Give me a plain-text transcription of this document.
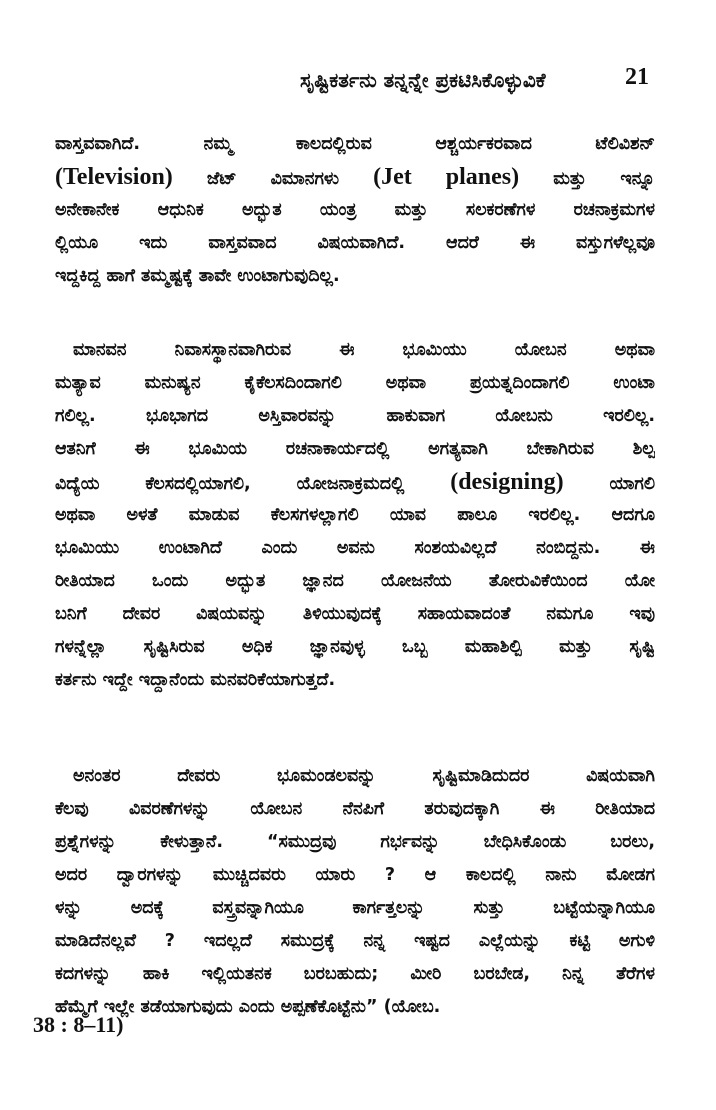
ಸೃಷ್ಟಿಕರ್ತನು ತನ್ನನ್ನೇ ಪ್ರಕಟಿಸಿಕೊಳ್ಳುವಿಕೆ	21
ವಾಸ್ತವವಾಗಿದೆ. ನಮ್ಮ ಕಾಲದಲ್ಲಿರುವ ಆಶ್ಚರ್ಯಕರವಾದ ಟೆಲಿವಿಶನ್
(Television) ಜೆಟ್ ವಿಮಾನಗಳು (Jet planes) ಮತ್ತು ಇನ್ನೂ
ಅನೇಕಾನೇಕ ಆಧುನಿಕ ಅದ್ಭುತ ಯಂತ್ರ ಮತ್ತು ಸಲಕರಣೆಗಳ ರಚನಾಕ್ರಮಗಳ
ಲ್ಲಿಯೂ ಇದು ವಾಸ್ತವವಾದ ವಿಷಯವಾಗಿದೆ. ಆದರೆ ಈ ವಸ್ತುಗಳೆಲ್ಲವೂ
ಇದ್ದಕಿದ್ದ ಹಾಗೆ ತಮ್ಮಷ್ಟಕ್ಕೆ ತಾವೇ ಉಂಟಾಗುವುದಿಲ್ಲ.
ಮಾನವನ ನಿವಾಸಸ್ಥಾನವಾಗಿರುವ ಈ ಭೂಮಿಯು ಯೋಬನ ಅಥವಾ
ಮತ್ಯಾವ ಮನುಷ್ಯನ ಕೈಕೆಲಸದಿಂದಾಗಲಿ ಅಥವಾ ಪ್ರಯತ್ನದಿಂದಾಗಲಿ ಉಂಟಾ
ಗಲಿಲ್ಲ. ಭೂಭಾಗದ ಅಸ್ತಿವಾರವನ್ನು ಹಾಕುವಾಗ ಯೋಬನು ಇರಲಿಲ್ಲ.
ಆತನಿಗೆ ಈ ಭೂಮಿಯ ರಚನಾಕಾರ್ಯದಲ್ಲಿ ಅಗತ್ಯವಾಗಿ ಬೇಕಾಗಿರುವ ಶಿಲ್ಪ
ವಿದ್ಯೆಯ ಕೆಲಸದಲ್ಲಿಯಾಗಲಿ, ಯೋಜನಾಕ್ರಮದಲ್ಲಿ (designing) ಯಾಗಲಿ
ಅಥವಾ ಅಳತೆ ಮಾಡುವ ಕೆಲಸಗಳಲ್ಲಾಗಲಿ ಯಾವ ಪಾಲೂ ಇರಲಿಲ್ಲ. ಆದಗೂ
ಭೂಮಿಯು ಉಂಟಾಗಿದೆ ಎಂದು ಅವನು ಸಂಶಯವಿಲ್ಲದೆ ನಂಬಿದ್ದನು. ಈ
ರೀತಿಯಾದ ಒಂದು ಅದ್ಭುತ ಜ್ಞಾನದ ಯೋಜನೆಯ ತೋರುವಿಕೆಯಿಂದ ಯೋ
ಬನಿಗೆ ದೇವರ ವಿಷಯವನ್ನು ತಿಳಿಯುವುದಕ್ಕೆ ಸಹಾಯವಾದಂತೆ ನಮಗೂ ಇವು
ಗಳನ್ನೆಲ್ಲಾ ಸೃಷ್ಟಿಸಿರುವ ಅಧಿಕ ಜ್ಞಾನವುಳ್ಳ ಒಬ್ಬ ಮಹಾಶಿಲ್ಪಿ ಮತ್ತು ಸೃಷ್ಟಿ
ಕರ್ತನು ಇದ್ದೇ ಇದ್ದಾನೆಂದು ಮನವರಿಕೆಯಾಗುತ್ತದೆ.
ಅನಂತರ ದೇವರು ಭೂಮಂಡಲವನ್ನು ಸೃಷ್ಟಿಮಾಡಿದುದರ ವಿಷಯವಾಗಿ
ಕೆಲವು ವಿವರಣೆಗಳನ್ನು ಯೋಬನ ನೆನಪಿಗೆ ತರುವುದಕ್ಕಾಗಿ ಈ ರೀತಿಯಾದ
ಪ್ರಶ್ನೆಗಳನ್ನು ಕೇಳುತ್ತಾನೆ. “ಸಮುದ್ರವು ಗರ್ಭವನ್ನು ಬೇಧಿಸಿಕೊಂಡು ಬರಲು,
ಅದರ ದ್ವಾರಗಳನ್ನು ಮುಚ್ಚಿದವರು ಯಾರು ? ಆ ಕಾಲದಲ್ಲಿ ನಾನು ಮೋಡಗ
ಳನ್ನು ಅದಕ್ಕೆ ವಸ್ತ್ರವನ್ನಾಗಿಯೂ ಕಾರ್ಗತ್ತಲನ್ನು ಸುತ್ತು ಬಟ್ಟೆಯನ್ನಾಗಿಯೂ
ಮಾಡಿದೆನಲ್ಲವೆ ? ಇದಲ್ಲದೆ ಸಮುದ್ರಕ್ಕೆ ನನ್ನ ಇಷ್ಟದ ಎಲ್ಲೆಯನ್ನು ಕಟ್ಟಿ ಅಗುಳಿ
ಕದಗಳನ್ನು ಹಾಕಿ ಇಲ್ಲಿಯತನಕ ಬರಬಹುದು; ಮೀರಿ ಬರಬೇಡ, ನಿನ್ನ ತೆರೆಗಳ
ಹೆಮ್ಮೆಗೆ ಇಲ್ಲೇ ತಡೆಯಾಗುವುದು ಎಂದು ಅಪ್ಪಣೆಕೊಟ್ಟೆನು” (ಯೋಬ.
38 : 8–11)
